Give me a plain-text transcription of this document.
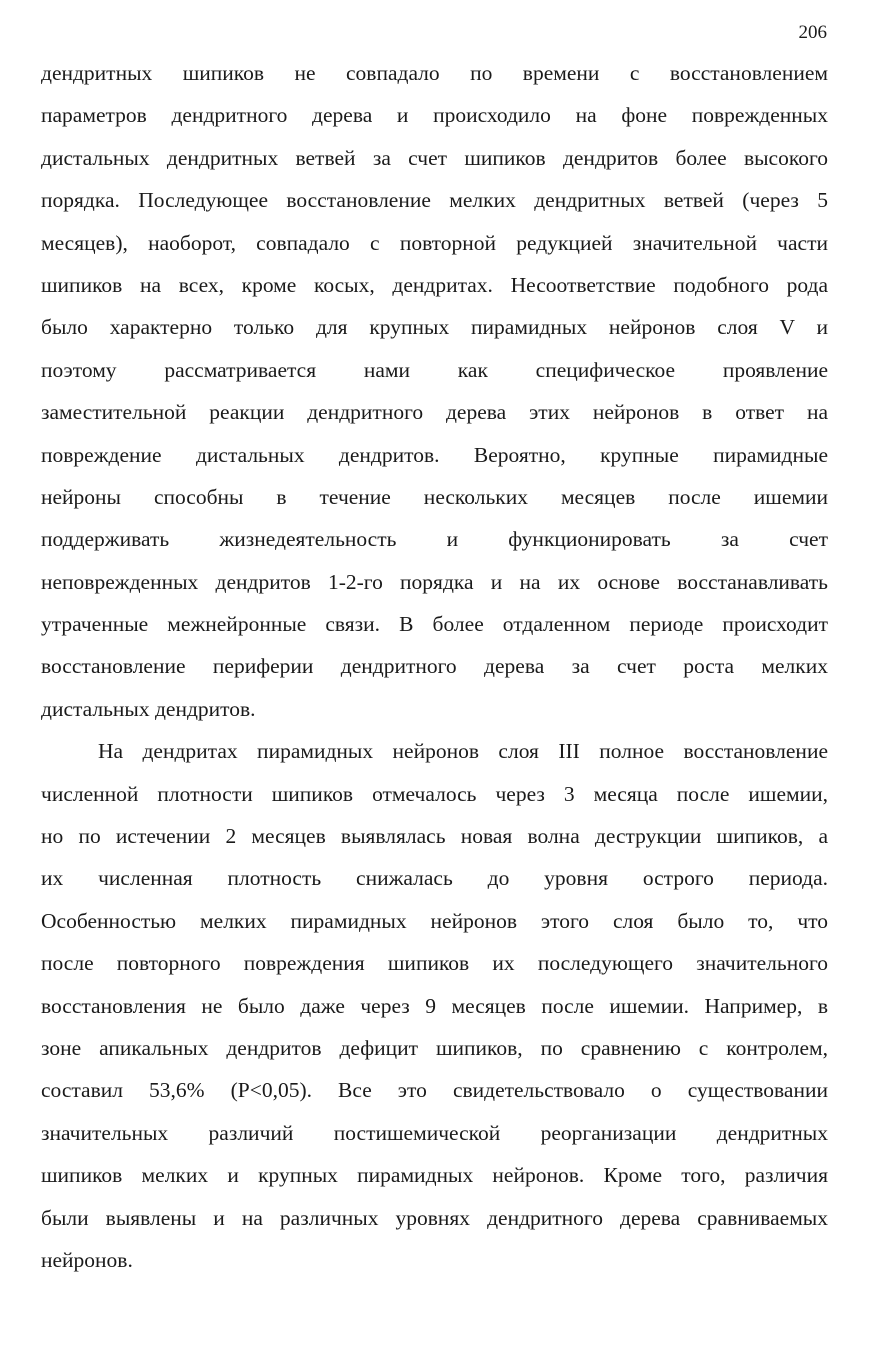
206
дендритных шипиков не совпадало по времени с восстановлением
параметров дендритного дерева и происходило на фоне поврежденных
дистальных дендритных ветвей за счет шипиков дендритов более высокого
порядка. Последующее восстановление мелких дендритных ветвей (через 5
месяцев), наоборот, совпадало с повторной редукцией значительной части
шипиков на всех, кроме косых, дендритах. Несоответствие подобного рода
было характерно только для крупных пирамидных нейронов слоя V и
поэтому рассматривается нами как специфическое проявление
заместительной реакции дендритного дерева этих нейронов в ответ на
повреждение дистальных дендритов. Вероятно, крупные пирамидные
нейроны способны в течение нескольких месяцев после ишемии
поддерживать жизнедеятельность и функционировать за счет
неповрежденных дендритов 1-2-го порядка и на их основе восстанавливать
утраченные межнейронные связи. В более отдаленном периоде происходит
восстановление периферии дендритного дерева за счет роста мелких
дистальных дендритов.
На дендритах пирамидных нейронов слоя III полное восстановление
численной плотности шипиков отмечалось через 3 месяца после ишемии,
но по истечении 2 месяцев выявлялась новая волна деструкции шипиков, а
их численная плотность снижалась до уровня острого периода.
Особенностью мелких пирамидных нейронов этого слоя было то, что
после повторного повреждения шипиков их последующего значительного
восстановления не было даже через 9 месяцев после ишемии. Например, в
зоне апикальных дендритов дефицит шипиков, по сравнению с контролем,
составил 53,6% (P<0,05). Все это свидетельствовало о существовании
значительных различий постишемической реорганизации дендритных
шипиков мелких и крупных пирамидных нейронов. Кроме того, различия
были выявлены и на различных уровнях дендритного дерева сравниваемых
нейронов.
